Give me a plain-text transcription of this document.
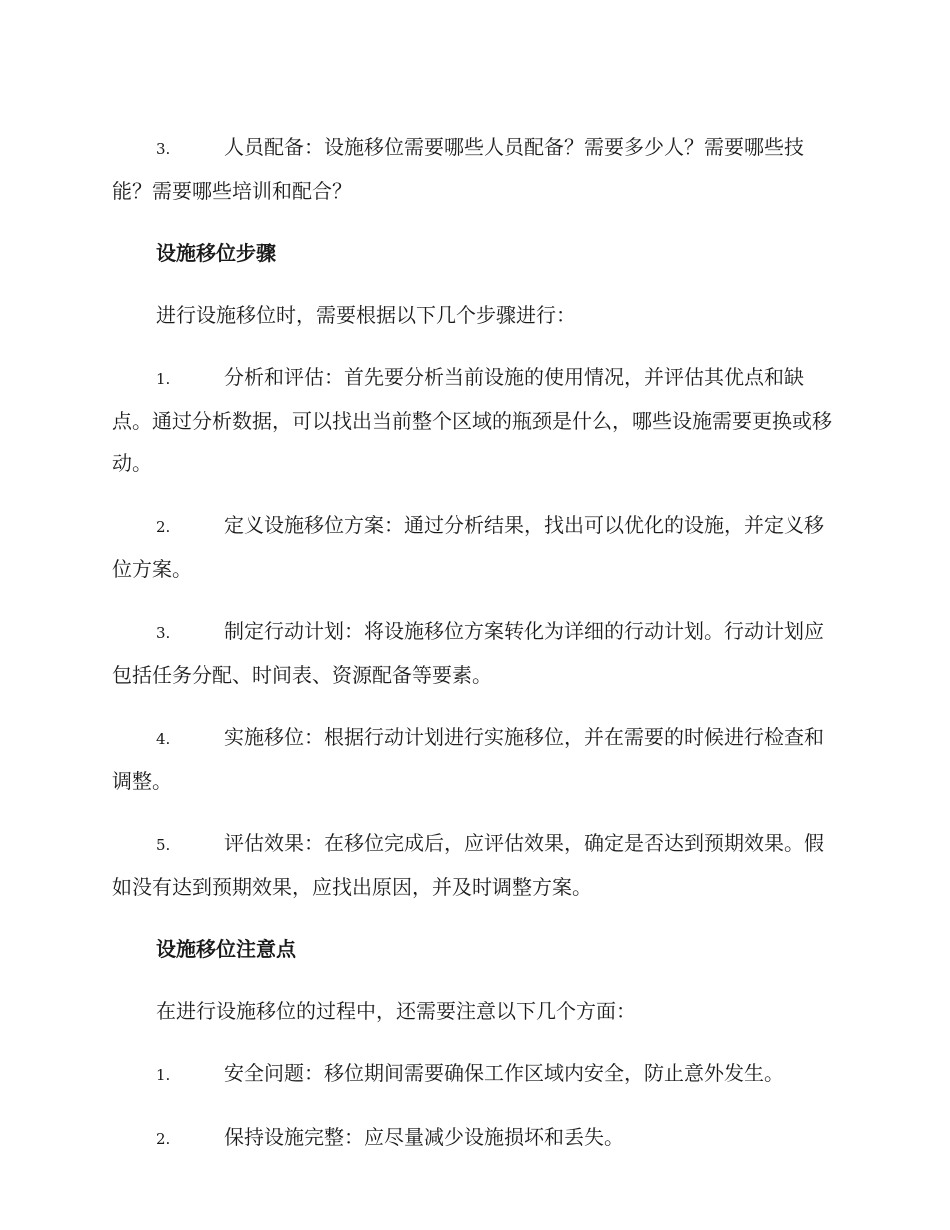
3.	人员配备：设施移位需要哪些人员配备？需要多少人？需要哪些技能？需要哪些培训和配合？

设施移位步骤

进行设施移位时，需要根据以下几个步骤进行：

1.	分析和评估：首先要分析当前设施的使用情况，并评估其优点和缺点。通过分析数据，可以找出当前整个区域的瓶颈是什么，哪些设施需要更换或移动。

2.	定义设施移位方案：通过分析结果，找出可以优化的设施，并定义移位方案。

3.	制定行动计划：将设施移位方案转化为详细的行动计划。行动计划应包括任务分配、时间表、资源配备等要素。

4.	实施移位：根据行动计划进行实施移位，并在需要的时候进行检查和调整。

5.	评估效果：在移位完成后，应评估效果，确定是否达到预期效果。假如没有达到预期效果，应找出原因，并及时调整方案。

设施移位注意点

在进行设施移位的过程中，还需要注意以下几个方面：

1.	安全问题：移位期间需要确保工作区域内安全，防止意外发生。

2.	保持设施完整：应尽量减少设施损坏和丢失。
